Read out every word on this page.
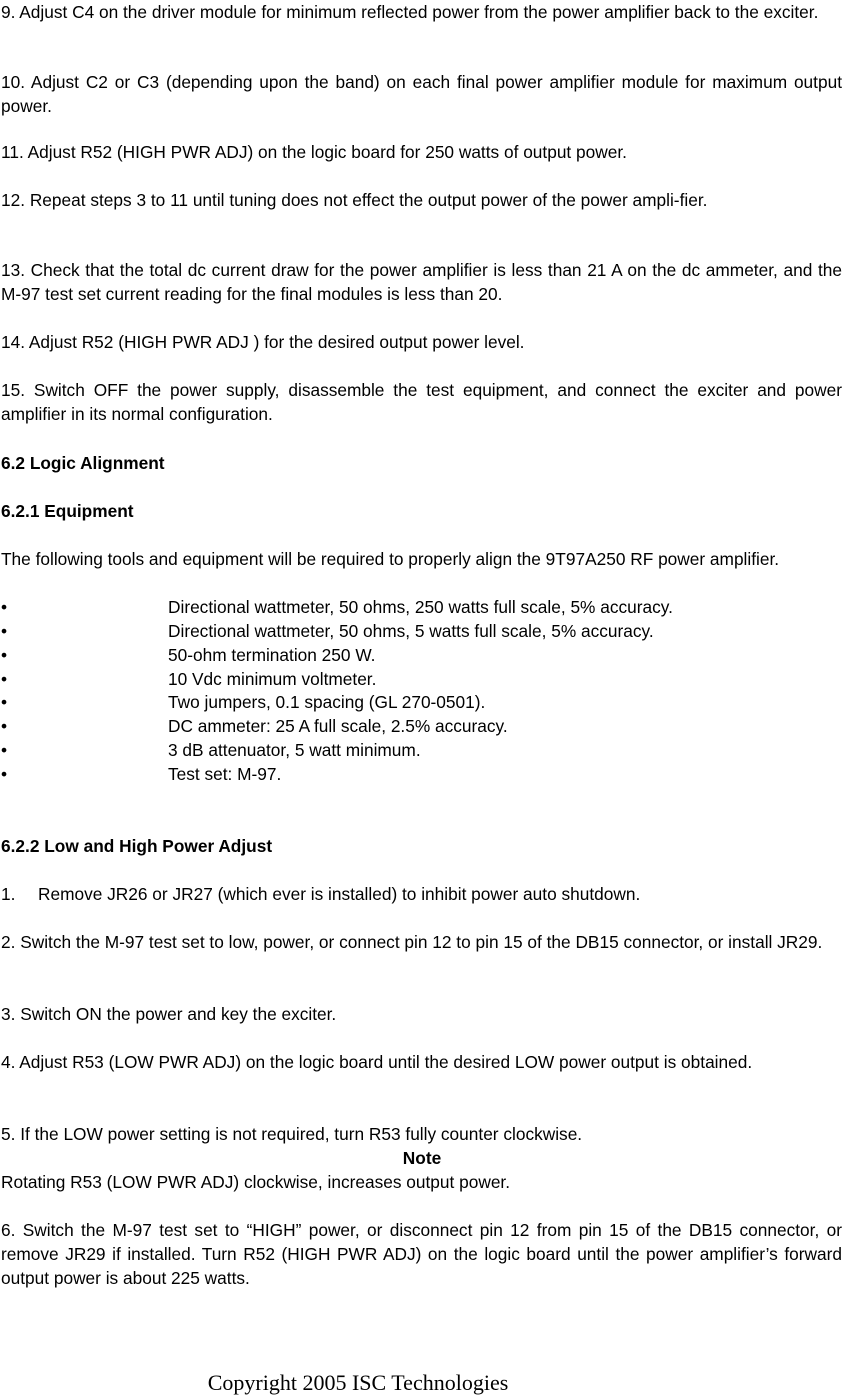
9. Adjust C4 on the driver module for minimum reflected power from the power amplifier back to the exciter.

10. Adjust C2 or C3 (depending upon the band) on each final power amplifier module for maximum output power.

11. Adjust R52 (HIGH PWR ADJ) on the logic board for 250 watts of output power.

12. Repeat steps 3 to 11 until tuning does not effect the output power of the power ampli-fier.

13. Check that the total dc current draw for the power amplifier is less than 21 A on the dc ammeter, and the M-97 test set current reading for the final modules is less than 20.

14. Adjust R52 (HIGH PWR ADJ ) for the desired output power level.

15. Switch OFF the power supply, disassemble the test equipment, and connect the exciter and power amplifier in its normal configuration.

6.2 Logic Alignment

6.2.1 Equipment

The following tools and equipment will be required to properly align the 9T97A250 RF power amplifier.

•	Directional wattmeter, 50 ohms, 250 watts full scale, 5% accuracy.
•	Directional wattmeter, 50 ohms, 5 watts full scale, 5% accuracy.
•	50-ohm termination 250 W.
•	10 Vdc minimum voltmeter.
•	Two jumpers, 0.1 spacing (GL 270-0501).
•	DC ammeter: 25 A full scale, 2.5% accuracy.
•	3 dB attenuator, 5 watt minimum.
•	Test set: M-97.

6.2.2 Low and High Power Adjust

1. Remove JR26 or JR27 (which ever is installed) to inhibit power auto shutdown.

2. Switch the M-97 test set to low, power, or connect pin 12 to pin 15 of the DB15 connector, or install JR29.

3. Switch ON the power and key the exciter.

4. Adjust R53 (LOW PWR ADJ) on the logic board until the desired LOW power output is obtained.

5. If the LOW power setting is not required, turn R53 fully counter clockwise.

Note

Rotating R53 (LOW PWR ADJ) clockwise, increases output power.

6. Switch the M-97 test set to “HIGH” power, or disconnect pin 12 from pin 15 of the DB15 connector, or remove JR29 if installed. Turn R52 (HIGH PWR ADJ) on the logic board until the power amplifier’s forward output power is about 225 watts.

Copyright 2005 ISC Technologies
